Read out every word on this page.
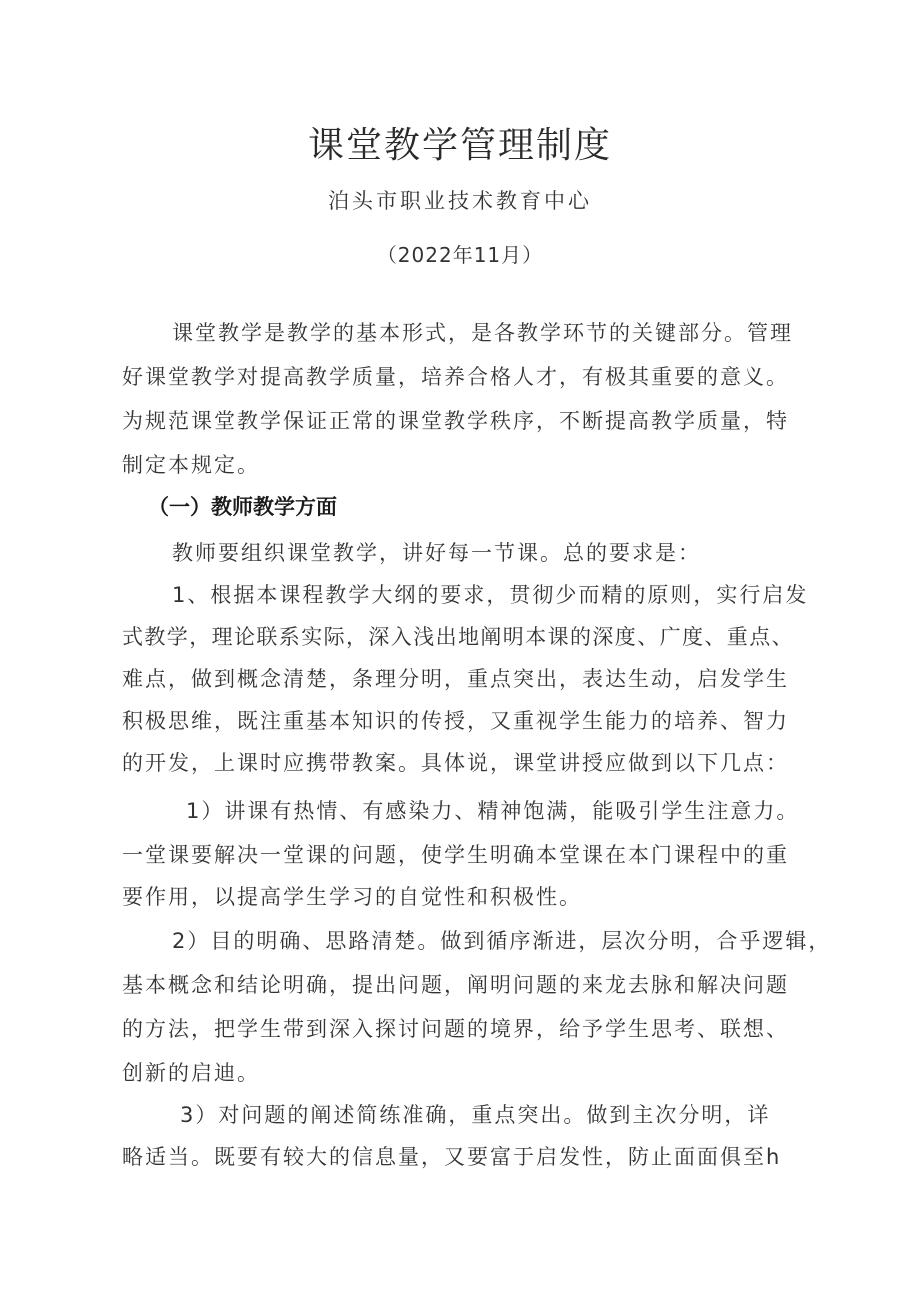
课堂教学管理制度
泊头市职业技术教育中心
（2022年11月）
课堂教学是教学的基本形式，是各教学环节的关键部分。管理
好课堂教学对提高教学质量，培养合格人才，有极其重要的意义。
为规范课堂教学保证正常的课堂教学秩序，不断提高教学质量，特
制定本规定。
（一）教师教学方面
教师要组织课堂教学，讲好每一节课。总的要求是：
1、根据本课程教学大纲的要求，贯彻少而精的原则，实行启发
式教学，理论联系实际，深入浅出地阐明本课的深度、广度、重点、
难点，做到概念清楚，条理分明，重点突出，表达生动，启发学生
积极思维，既注重基本知识的传授，又重视学生能力的培养、智力
的开发，上课时应携带教案。具体说，课堂讲授应做到以下几点：
1）讲课有热情、有感染力、精神饱满，能吸引学生注意力。
一堂课要解决一堂课的问题，使学生明确本堂课在本门课程中的重
要作用，以提高学生学习的自觉性和积极性。
2）目的明确、思路清楚。做到循序渐进，层次分明，合乎逻辑，
基本概念和结论明确，提出问题，阐明问题的来龙去脉和解决问题
的方法，把学生带到深入探讨问题的境界，给予学生思考、联想、
创新的启迪。
3）对问题的阐述简练准确，重点突出。做到主次分明，详
略适当。既要有较大的信息量，又要富于启发性，防止面面俱至h
